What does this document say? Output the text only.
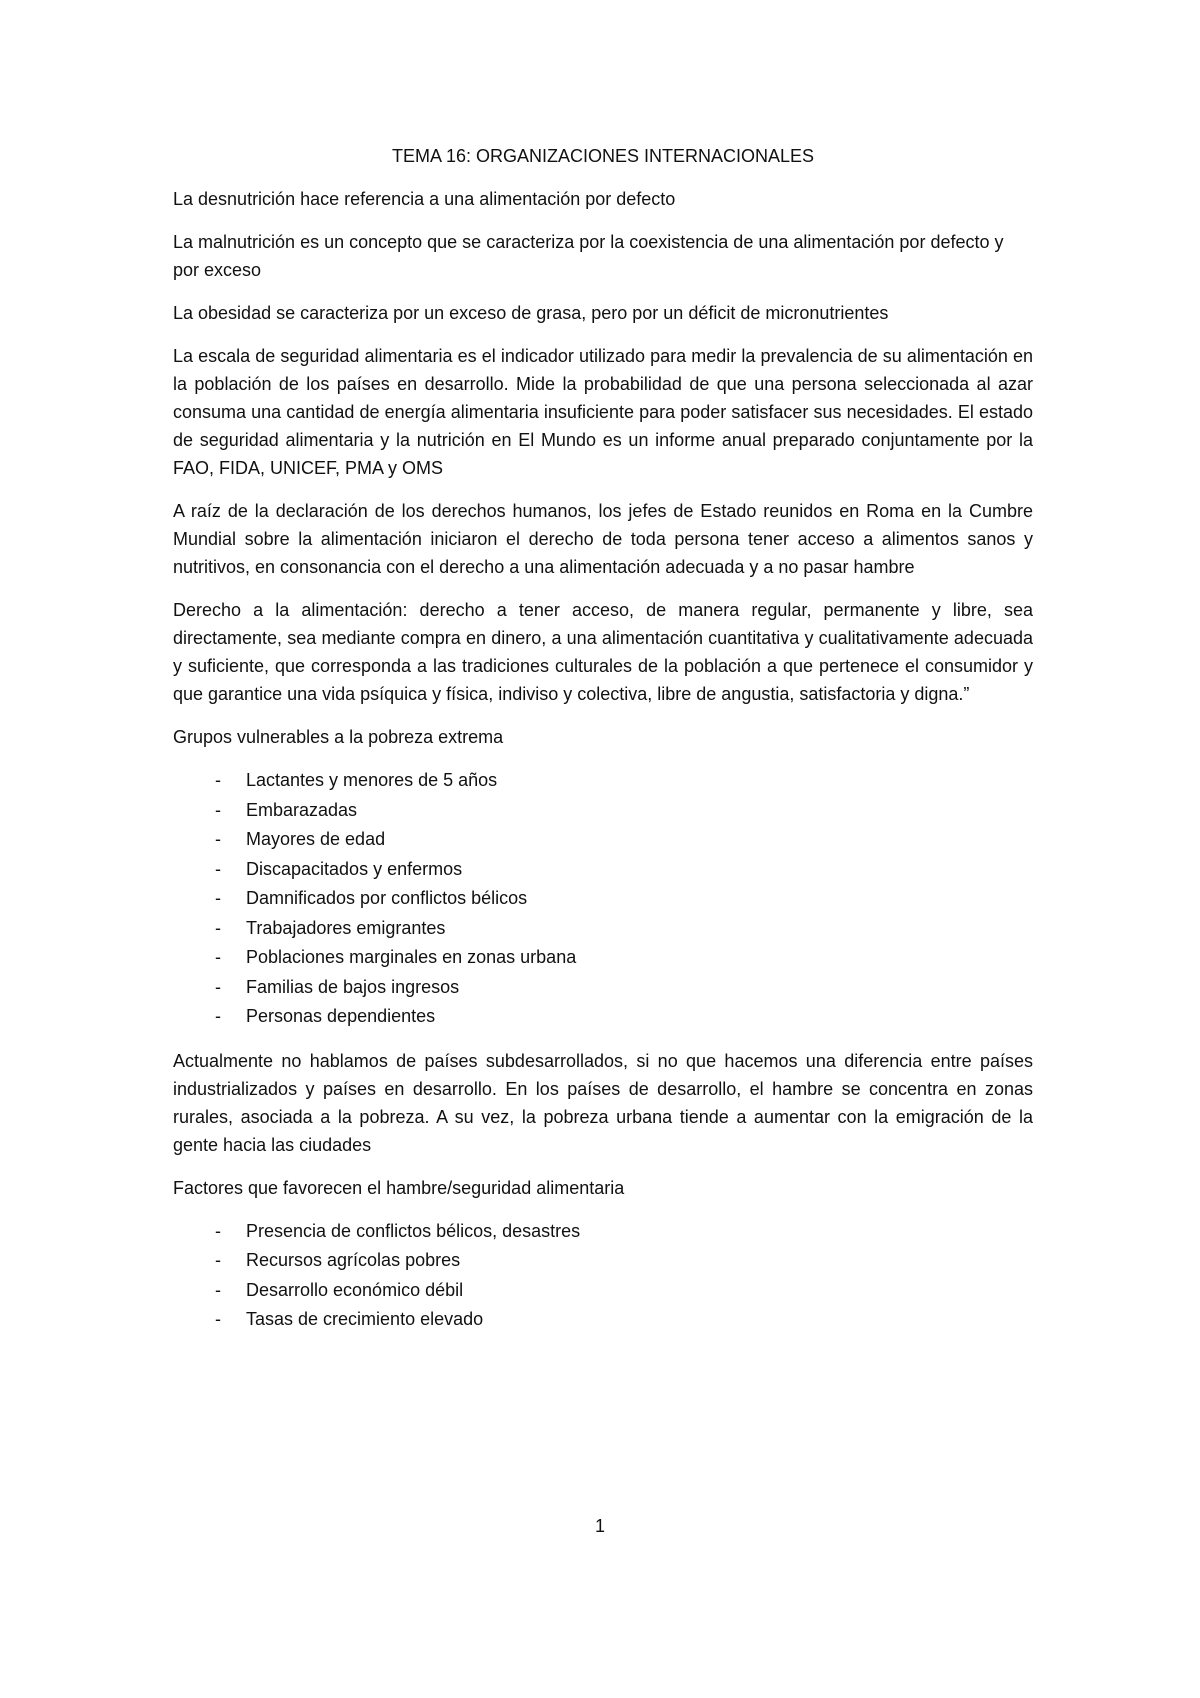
TEMA 16: ORGANIZACIONES INTERNACIONALES

La desnutrición hace referencia a una alimentación por defecto

La malnutrición es un concepto que se caracteriza por la coexistencia de una alimentación por defecto y por exceso

La obesidad se caracteriza por un exceso de grasa, pero por un déficit de micronutrientes

La escala de seguridad alimentaria es el indicador utilizado para medir la prevalencia de su alimentación en la población de los países en desarrollo. Mide la probabilidad de que una persona seleccionada al azar consuma una cantidad de energía alimentaria insuficiente para poder satisfacer sus necesidades. El estado de seguridad alimentaria y la nutrición en El Mundo es un informe anual preparado conjuntamente por la FAO, FIDA, UNICEF, PMA y OMS

A raíz de la declaración de los derechos humanos, los jefes de Estado reunidos en Roma en la Cumbre Mundial sobre la alimentación iniciaron el derecho de toda persona tener acceso a alimentos sanos y nutritivos, en consonancia con el derecho a una alimentación adecuada y a no pasar hambre

Derecho a la alimentación: derecho a tener acceso, de manera regular, permanente y libre, sea directamente, sea mediante compra en dinero, a una alimentación cuantitativa y cualitativamente adecuada y suficiente, que corresponda a las tradiciones culturales de la población a que pertenece el consumidor y que garantice una vida psíquica y física, indiviso y colectiva, libre de angustia, satisfactoria y digna.”

Grupos vulnerables a la pobreza extrema

- Lactantes y menores de 5 años
- Embarazadas
- Mayores de edad
- Discapacitados y enfermos
- Damnificados por conflictos bélicos
- Trabajadores emigrantes
- Poblaciones marginales en zonas urbana
- Familias de bajos ingresos
- Personas dependientes

Actualmente no hablamos de países subdesarrollados, si no que hacemos una diferencia entre países industrializados y países en desarrollo. En los países de desarrollo, el hambre se concentra en zonas rurales, asociada a la pobreza. A su vez, la pobreza urbana tiende a aumentar con la emigración de la gente hacia las ciudades

Factores que favorecen el hambre/seguridad alimentaria

- Presencia de conflictos bélicos, desastres
- Recursos agrícolas pobres
- Desarrollo económico débil
- Tasas de crecimiento elevado
1
